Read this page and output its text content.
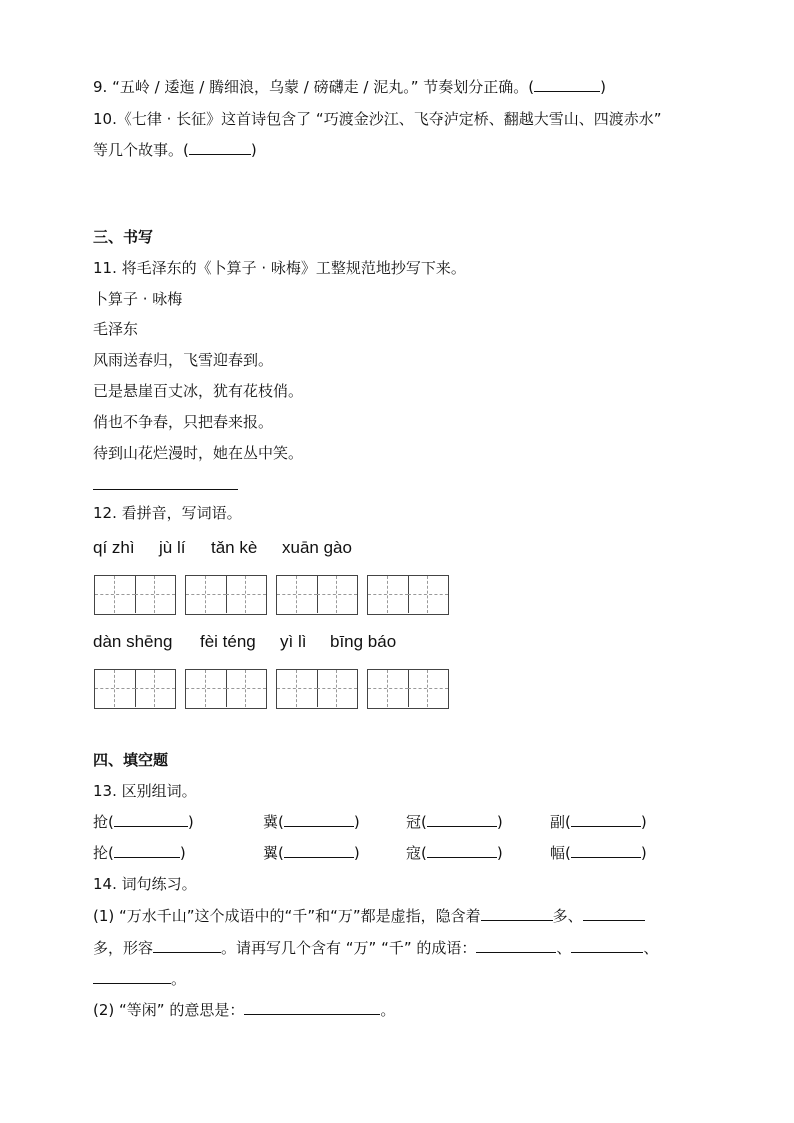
9. “五岭 / 逶迤 / 腾细浪，乌蒙 / 磅礴走 / 泥丸。” 节奏划分正确。(	)
10.《七律 · 长征》这首诗包含了 “巧渡金沙江、飞夺泸定桥、翻越大雪山、四渡赤水”
等几个故事。(	)
三、书写
11. 将毛泽东的《卜算子 · 咏梅》工整规范地抄写下来。
卜算子 · 咏梅
毛泽东
风雨送春归，飞雪迎春到。
已是悬崖百丈冰，犹有花枝俏。
俏也不争春，只把春来报。
待到山花烂漫时，她在丛中笑。
12. 看拼音，写词语。
qí zhì jù lí tǎn kè xuān gào
dàn shēng fèi téng yì lì bīng báo
四、填空题
13. 区别组词。
抢(	)	冀(	)	冠(	)	副(	)
抡(	)	翼(	)	寇(	)	幅(	)
14. 词句练习。
(1) “万水千山”这个成语中的“千”和“万”都是虚指，隐含着	多、
多，形容	。请再写几个含有 “万” “千” 的成语：	、	、
。
(2) “等闲” 的意思是：	。
